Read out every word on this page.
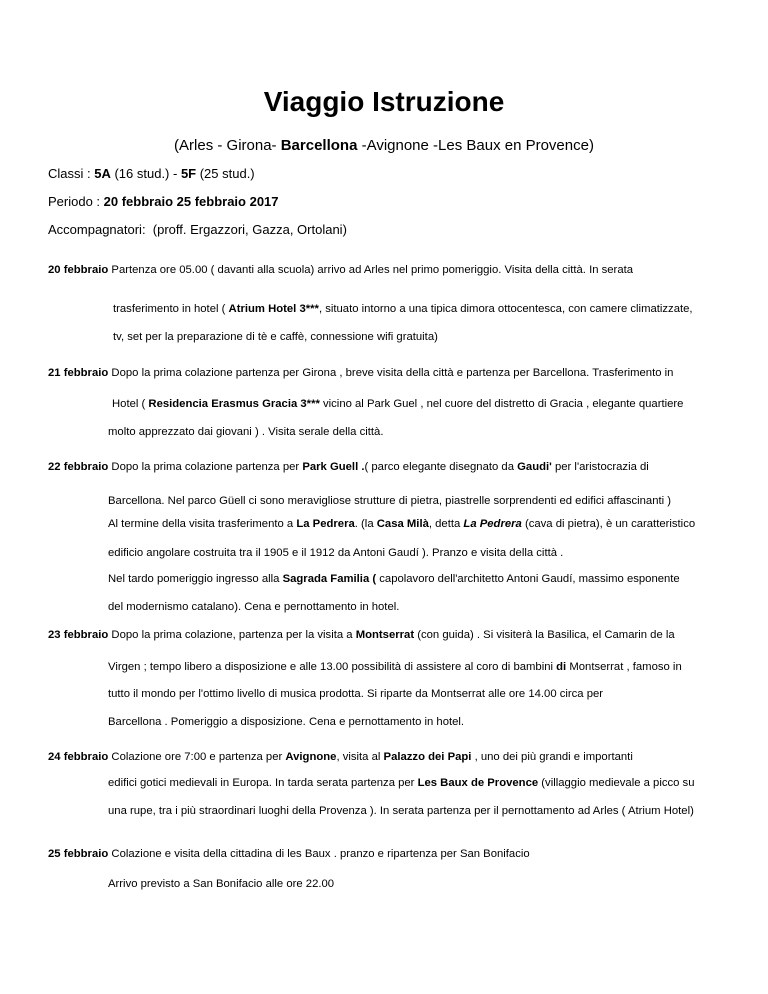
Viaggio Istruzione
(Arles - Girona- Barcellona -Avignone -Les Baux en Provence)
Classi : 5A (16 stud.) - 5F (25 stud.)
Periodo : 20 febbraio 25 febbraio 2017
Accompagnatori: (proff. Ergazzori, Gazza, Ortolani)
20 febbraio Partenza ore 05.00 ( davanti alla scuola) arrivo ad Arles nel primo pomeriggio. Visita della città. In serata
trasferimento in hotel ( Atrium Hotel 3***, situato intorno a una tipica dimora ottocentesca, con camere climatizzate,
tv, set per la preparazione di tè e caffè, connessione wifi gratuita)
21 febbraio Dopo la prima colazione partenza per Girona , breve visita della città e partenza per Barcellona. Trasferimento in
Hotel ( Residencia Erasmus Gracia 3*** vicino al Park Guel , nel cuore del distretto di Gracia , elegante quartiere
molto apprezzato dai giovani ) . Visita serale della città.
22 febbraio Dopo la prima colazione partenza per Park Guell .( parco elegante disegnato da Gaudi' per l'aristocrazia di
Barcellona. Nel parco Güell ci sono meravigliose strutture di pietra, piastrelle sorprendenti ed edifici affascinanti )
Al termine della visita trasferimento a La Pedrera. (la Casa Milà, detta La Pedrera (cava di pietra), è un caratteristico
edificio angolare costruita tra il 1905 e il 1912 da Antoni Gaudí ). Pranzo e visita della città .
Nel tardo pomeriggio ingresso alla Sagrada Familia ( capolavoro dell'architetto Antoni Gaudí, massimo esponente
del modernismo catalano). Cena e pernottamento in hotel.
23 febbraio Dopo la prima colazione, partenza per la visita a Montserrat (con guida) . Si visiterà la Basilica, el Camarin de la
Virgen ; tempo libero a disposizione e alle 13.00 possibilità di assistere al coro di bambini di Montserrat , famoso in
tutto il mondo per l'ottimo livello di musica prodotta. Si riparte da Montserrat alle ore 14.00 circa per
Barcellona . Pomeriggio a disposizione. Cena e pernottamento in hotel.
24 febbraio Colazione ore 7:00 e partenza per Avignone, visita al Palazzo dei Papi , uno dei più grandi e importanti
edifici gotici medievali in Europa. In tarda serata partenza per Les Baux de Provence (villaggio medievale a picco su
una rupe, tra i più straordinari luoghi della Provenza ). In serata partenza per il pernottamento ad Arles ( Atrium Hotel)
25 febbraio Colazione e visita della cittadina di les Baux . pranzo e ripartenza per San Bonifacio
Arrivo previsto a San Bonifacio alle ore 22.00
